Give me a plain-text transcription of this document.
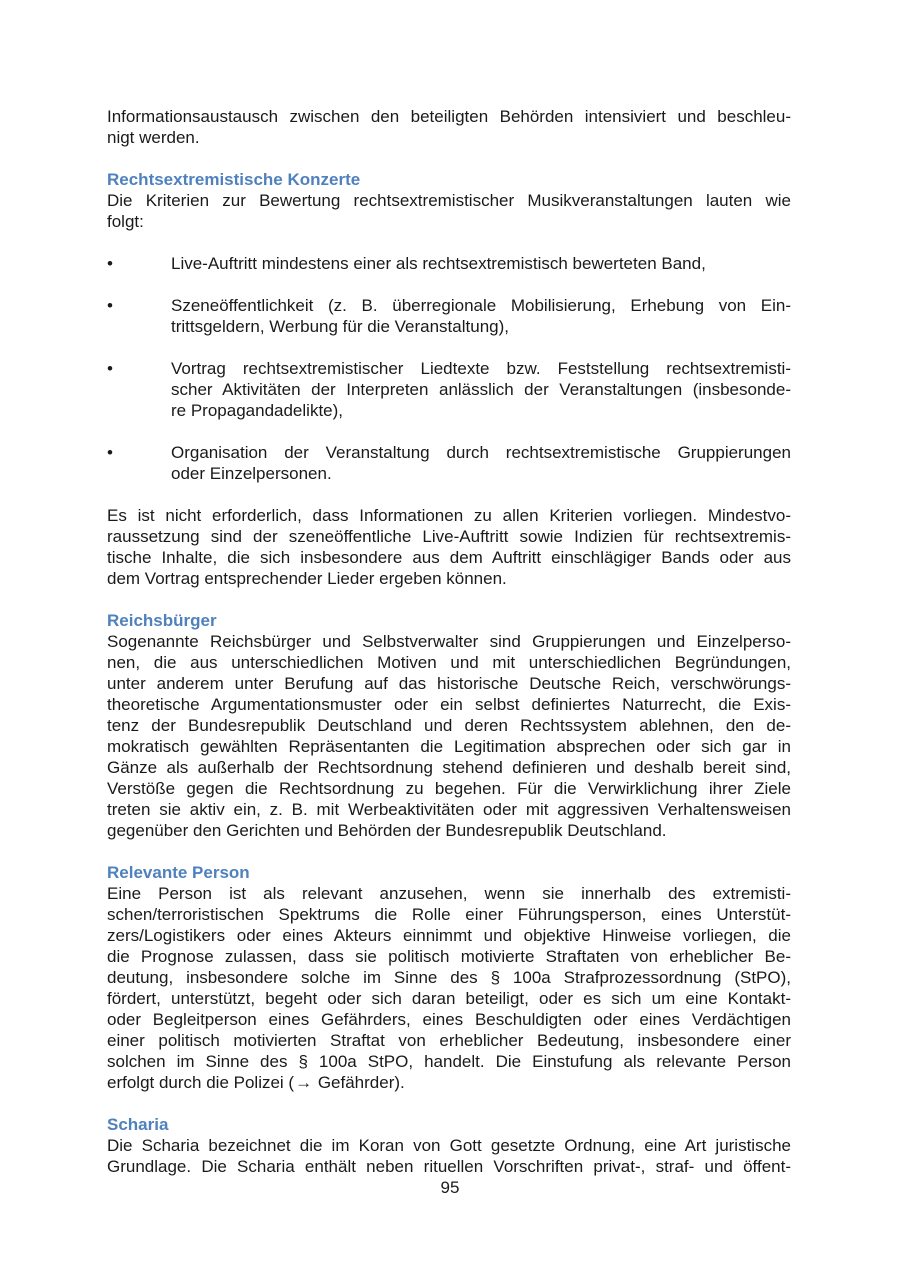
Informationsaustausch zwischen den beteiligten Behörden intensiviert und beschleu-
nigt werden.
Rechtsextremistische Konzerte
Die Kriterien zur Bewertung rechtsextremistischer Musikveranstaltungen lauten wie
folgt:
•	Live-Auftritt mindestens einer als rechtsextremistisch bewerteten Band,
•	Szeneöffentlichkeit (z. B. überregionale Mobilisierung, Erhebung von Ein-
trittsgeldern, Werbung für die Veranstaltung),
•	Vortrag rechtsextremistischer Liedtexte bzw. Feststellung rechtsextremisti-
scher Aktivitäten der Interpreten anlässlich der Veranstaltungen (insbesonde-
re Propagandadelikte),
•	Organisation der Veranstaltung durch rechtsextremistische Gruppierungen
oder Einzelpersonen.
Es ist nicht erforderlich, dass Informationen zu allen Kriterien vorliegen. Mindestvo-
raussetzung sind der szeneöffentliche Live-Auftritt sowie Indizien für rechtsextremis-
tische Inhalte, die sich insbesondere aus dem Auftritt einschlägiger Bands oder aus
dem Vortrag entsprechender Lieder ergeben können.
Reichsbürger
Sogenannte Reichsbürger und Selbstverwalter sind Gruppierungen und Einzelperso-
nen, die aus unterschiedlichen Motiven und mit unterschiedlichen Begründungen,
unter anderem unter Berufung auf das historische Deutsche Reich, verschwörungs-
theoretische Argumentationsmuster oder ein selbst definiertes Naturrecht, die Exis-
tenz der Bundesrepublik Deutschland und deren Rechtssystem ablehnen, den de-
mokratisch gewählten Repräsentanten die Legitimation absprechen oder sich gar in
Gänze als außerhalb der Rechtsordnung stehend definieren und deshalb bereit sind,
Verstöße gegen die Rechtsordnung zu begehen. Für die Verwirklichung ihrer Ziele
treten sie aktiv ein, z. B. mit Werbeaktivitäten oder mit aggressiven Verhaltensweisen
gegenüber den Gerichten und Behörden der Bundesrepublik Deutschland.
Relevante Person
Eine Person ist als relevant anzusehen, wenn sie innerhalb des extremisti-
schen/terroristischen Spektrums die Rolle einer Führungsperson, eines Unterstüt-
zers/Logistikers oder eines Akteurs einnimmt und objektive Hinweise vorliegen, die
die Prognose zulassen, dass sie politisch motivierte Straftaten von erheblicher Be-
deutung, insbesondere solche im Sinne des § 100a Strafprozessordnung (StPO),
fördert, unterstützt, begeht oder sich daran beteiligt, oder es sich um eine Kontakt-
oder Begleitperson eines Gefährders, eines Beschuldigten oder eines Verdächtigen
einer politisch motivierten Straftat von erheblicher Bedeutung, insbesondere einer
solchen im Sinne des § 100a StPO, handelt. Die Einstufung als relevante Person
erfolgt durch die Polizei (→ Gefährder).
Scharia
Die Scharia bezeichnet die im Koran von Gott gesetzte Ordnung, eine Art juristische
Grundlage. Die Scharia enthält neben rituellen Vorschriften privat-, straf- und öffent-
95
